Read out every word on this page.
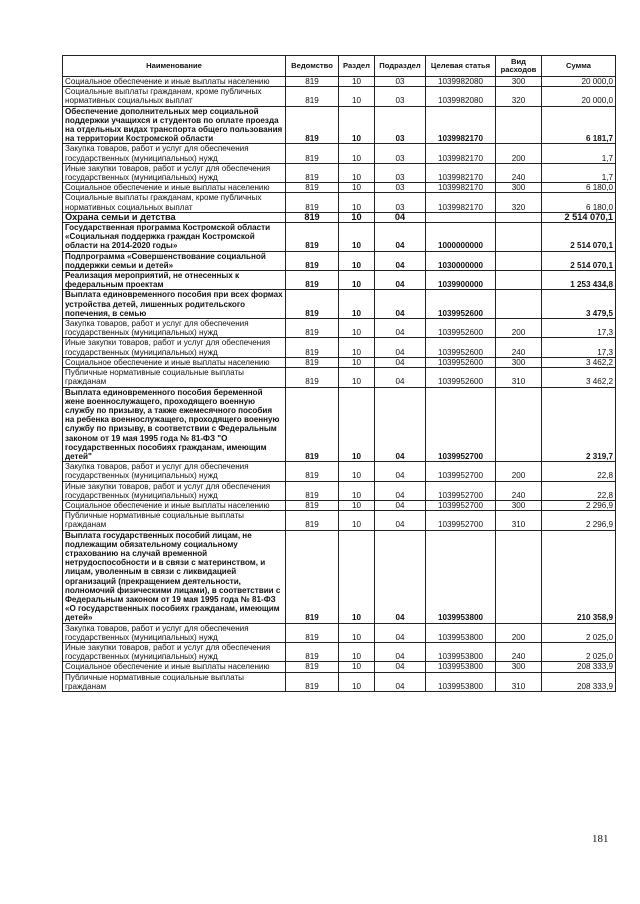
Наименование	Ведомство	Раздел	Подраздел	Целевая статья	Вид расходов	Сумма
Социальное обеспечение и иные выплаты населению	819	10	03	1039982080	300	20 000,0
Социальные выплаты гражданам, кроме публичных нормативных социальных выплат	819	10	03	1039982080	320	20 000,0
Обеспечение дополнительных мер социальной поддержки учащихся и студентов по оплате проезда на отдельных видах транспорта общего пользования на территории Костромской области	819	10	03	1039982170		6 181,7
Закупка товаров, работ и услуг для обеспечения государственных (муниципальных) нужд	819	10	03	1039982170	200	1,7
Иные закупки товаров, работ и услуг для обеспечения государственных (муниципальных) нужд	819	10	03	1039982170	240	1,7
Социальное обеспечение и иные выплаты населению	819	10	03	1039982170	300	6 180,0
Социальные выплаты гражданам, кроме публичных нормативных социальных выплат	819	10	03	1039982170	320	6 180,0
Охрана семьи и детства	819	10	04			2 514 070,1
Государственная программа Костромской области «Социальная поддержка граждан Костромской области на 2014-2020 годы»	819	10	04	1000000000		2 514 070,1
Подпрограмма «Совершенствование социальной поддержки семьи и детей»	819	10	04	1030000000		2 514 070,1
Реализация мероприятий, не отнесенных к федеральным проектам	819	10	04	1039900000		1 253 434,8
Выплата единовременного пособия при всех формах устройства детей, лишенных родительского попечения, в семью	819	10	04	1039952600		3 479,5
Закупка товаров, работ и услуг для обеспечения государственных (муниципальных) нужд	819	10	04	1039952600	200	17,3
Иные закупки товаров, работ и услуг для обеспечения государственных (муниципальных) нужд	819	10	04	1039952600	240	17,3
Социальное обеспечение и иные выплаты населению	819	10	04	1039952600	300	3 462,2
Публичные нормативные социальные выплаты гражданам	819	10	04	1039952600	310	3 462,2
Выплата единовременного пособия беременной жене военнослужащего, проходящего военную службу по призыву, а также ежемесячного пособия на ребенка военнослужащего, проходящего военную службу по призыву, в соответствии с Федеральным законом от 19 мая 1995 года № 81-ФЗ "О государственных пособиях гражданам, имеющим детей"	819	10	04	1039952700		2 319,7
Закупка товаров, работ и услуг для обеспечения государственных (муниципальных) нужд	819	10	04	1039952700	200	22,8
Иные закупки товаров, работ и услуг для обеспечения государственных (муниципальных) нужд	819	10	04	1039952700	240	22,8
Социальное обеспечение и иные выплаты населению	819	10	04	1039952700	300	2 296,9
Публичные нормативные социальные выплаты гражданам	819	10	04	1039952700	310	2 296,9
Выплата государственных пособий лицам, не подлежащим обязательному социальному страхованию на случай временной нетрудоспособности и в связи с материнством, и лицам, уволенным в связи с ликвидацией организаций (прекращением деятельности, полномочий физическими лицами), в соответствии с Федеральным законом от 19 мая 1995 года № 81-ФЗ «О государственных пособиях гражданам, имеющим детей»	819	10	04	1039953800		210 358,9
Закупка товаров, работ и услуг для обеспечения государственных (муниципальных) нужд	819	10	04	1039953800	200	2 025,0
Иные закупки товаров, работ и услуг для обеспечения государственных (муниципальных) нужд	819	10	04	1039953800	240	2 025,0
Социальное обеспечение и иные выплаты населению	819	10	04	1039953800	300	208 333,9
Публичные нормативные социальные выплаты гражданам	819	10	04	1039953800	310	208 333,9
181
